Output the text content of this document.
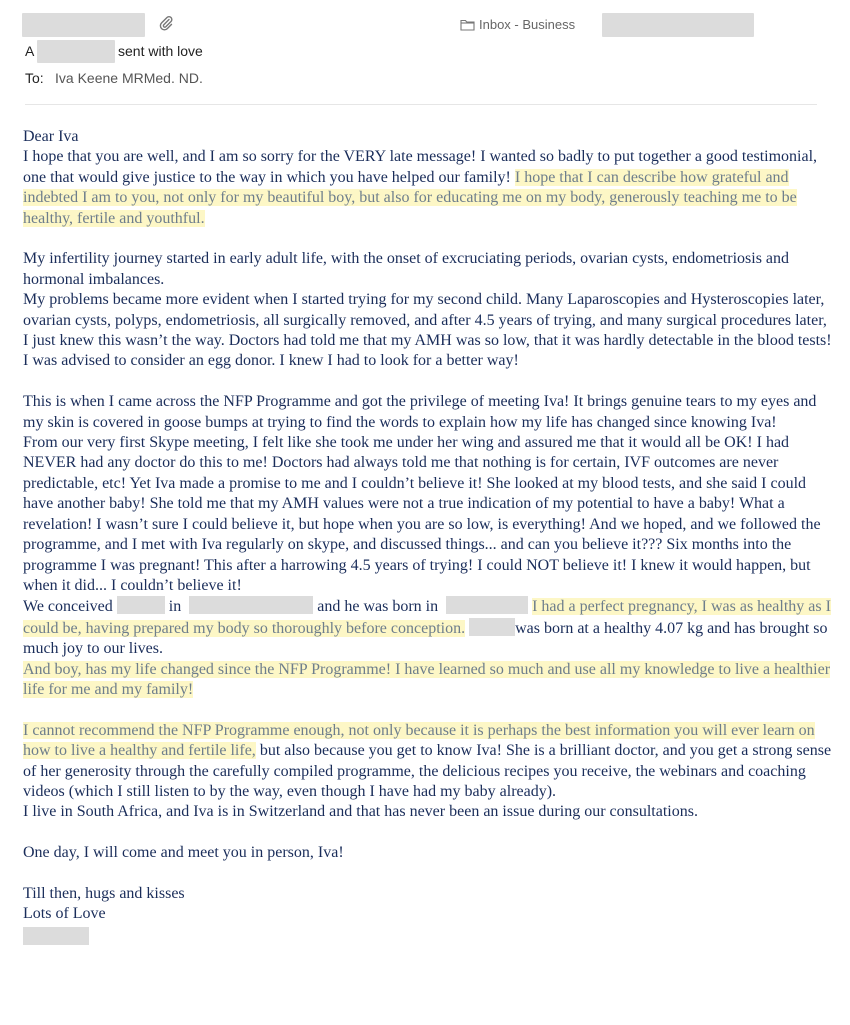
Inbox - Business
A	sent with love
To: Iva Keene MRMed. ND.

Dear Iva

I hope that you are well, and I am so sorry for the VERY late message! I wanted so badly to put together a good testimonial, one that would give justice to the way in which you have helped our family! I hope that I can describe how grateful and indebted I am to you, not only for my beautiful boy, but also for educating me on my body, generously teaching me to be healthy, fertile and youthful.

My infertility journey started in early adult life, with the onset of excruciating periods, ovarian cysts, endometriosis and hormonal imbalances.

My problems became more evident when I started trying for my second child. Many Laparoscopies and Hysteroscopies later, ovarian cysts, polyps, endometriosis, all surgically removed, and after 4.5 years of trying, and many surgical procedures later, I just knew this wasn’t the way. Doctors had told me that my AMH was so low, that it was hardly detectable in the blood tests! I was advised to consider an egg donor. I knew I had to look for a better way!

This is when I came across the NFP Programme and got the privilege of meeting Iva! It brings genuine tears to my eyes and my skin is covered in goose bumps at trying to find the words to explain how my life has changed since knowing Iva!

From our very first Skype meeting, I felt like she took me under her wing and assured me that it would all be OK! I had NEVER had any doctor do this to me! Doctors had always told me that nothing is for certain, IVF outcomes are never predictable, etc! Yet Iva made a promise to me and I couldn’t believe it! She looked at my blood tests, and she said I could have another baby! She told me that my AMH values were not a true indication of my potential to have a baby! What a revelation! I wasn’t sure I could believe it, but hope when you are so low, is everything! And we hoped, and we followed the programme, and I met with Iva regularly on skype, and discussed things... and can you believe it??? Six months into the programme I was pregnant! This after a harrowing 4.5 years of trying! I could NOT believe it! I knew it would happen, but when it did... I couldn’t believe it!

We conceived	in	and he was born in	I had a perfect pregnancy, I was as healthy as I could be, having prepared my body so thoroughly before conception.	was born at a healthy 4.07 kg and has brought so much joy to our lives.

And boy, has my life changed since the NFP Programme! I have learned so much and use all my knowledge to live a healthier life for me and my family!

I cannot recommend the NFP Programme enough, not only because it is perhaps the best information you will ever learn on how to live a healthy and fertile life, but also because you get to know Iva! She is a brilliant doctor, and you get a strong sense of her generosity through the carefully compiled programme, the delicious recipes you receive, the webinars and coaching videos (which I still listen to by the way, even though I have had my baby already).

I live in South Africa, and Iva is in Switzerland and that has never been an issue during our consultations.

One day, I will come and meet you in person, Iva!

Till then, hugs and kisses

Lots of Love
